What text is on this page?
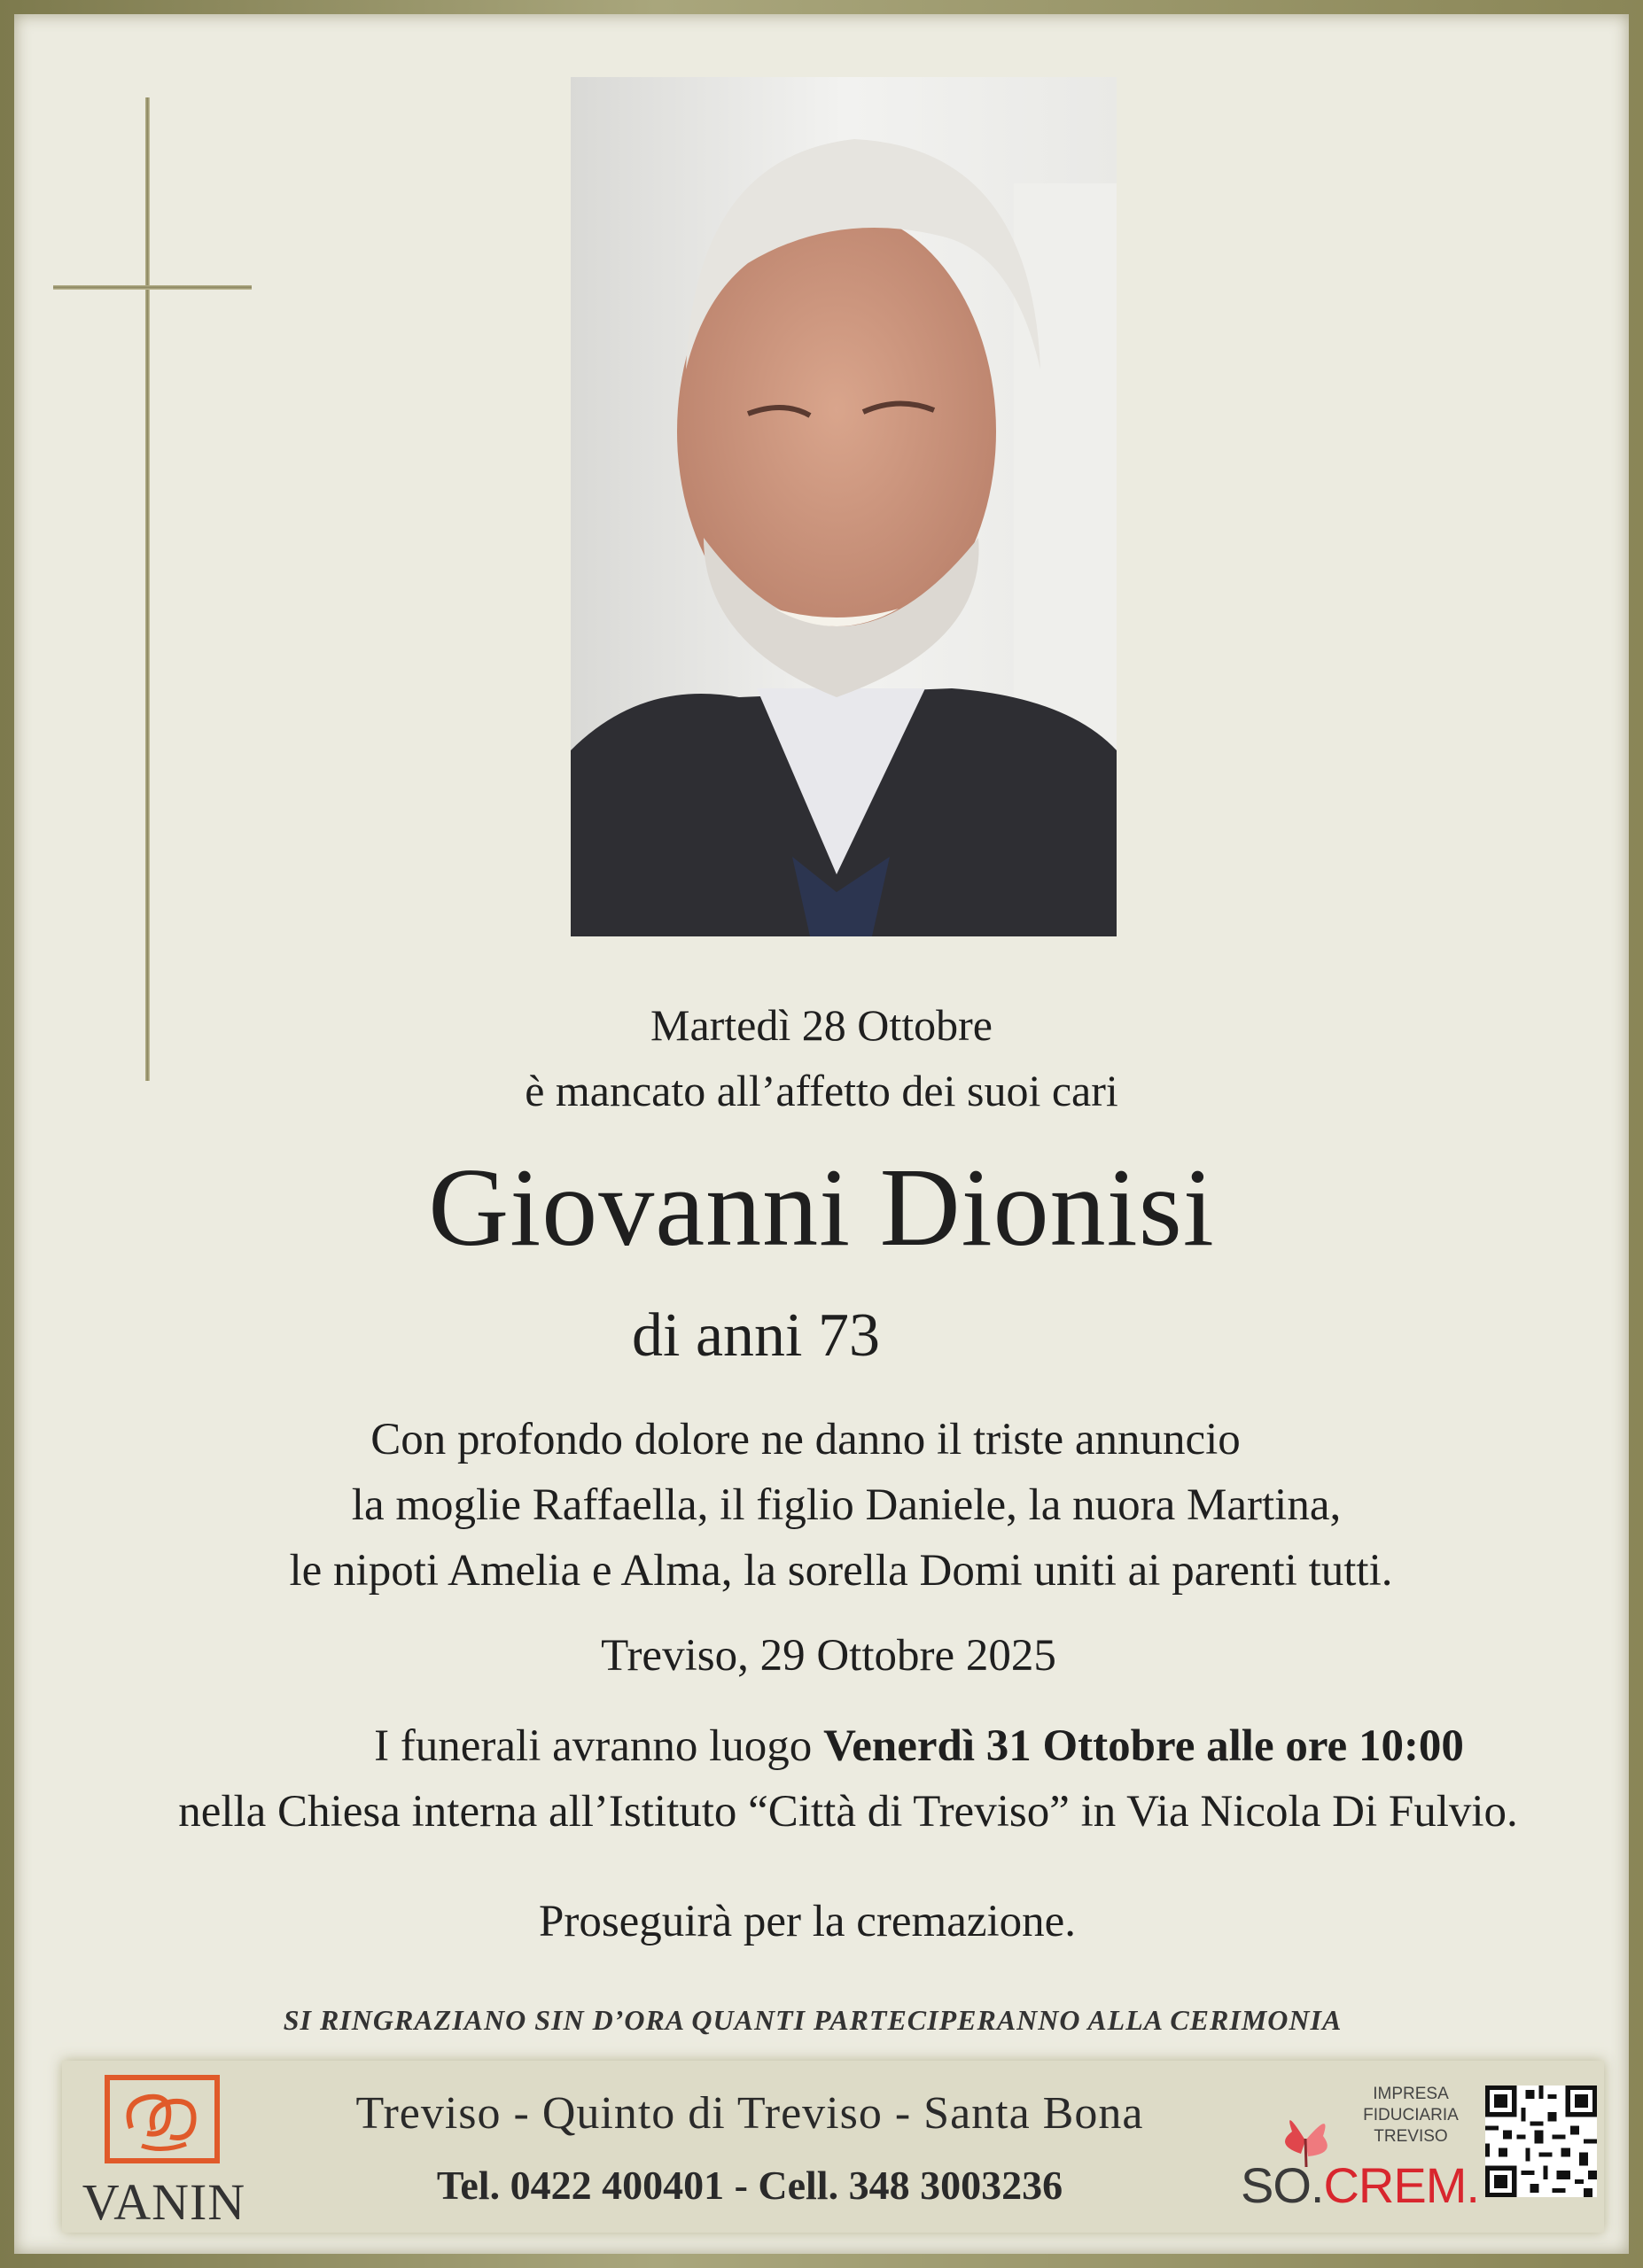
Martedì 28 Ottobre
è mancato all’affetto dei suoi cari
Giovanni Dionisi
di anni 73
Con profondo dolore ne danno il triste annuncio
la moglie Raffaella, il figlio Daniele, la nuora Martina,
le nipoti Amelia e Alma, la sorella Domi uniti ai parenti tutti.
Treviso, 29 Ottobre 2025
I funerali avranno luogo Venerdì 31 Ottobre alle ore 10:00
nella Chiesa interna all’Istituto “Città di Treviso” in Via Nicola Di Fulvio.
Proseguirà per la cremazione.
SI RINGRAZIANO SIN D’ORA QUANTI PARTECIPERANNO ALLA CERIMONIA
VANIN
Treviso - Quinto di Treviso - Santa Bona
Tel. 0422 400401 - Cell. 348 3003236
IMPRESA
FIDUCIARIA
TREVISO
SO.CREM.
